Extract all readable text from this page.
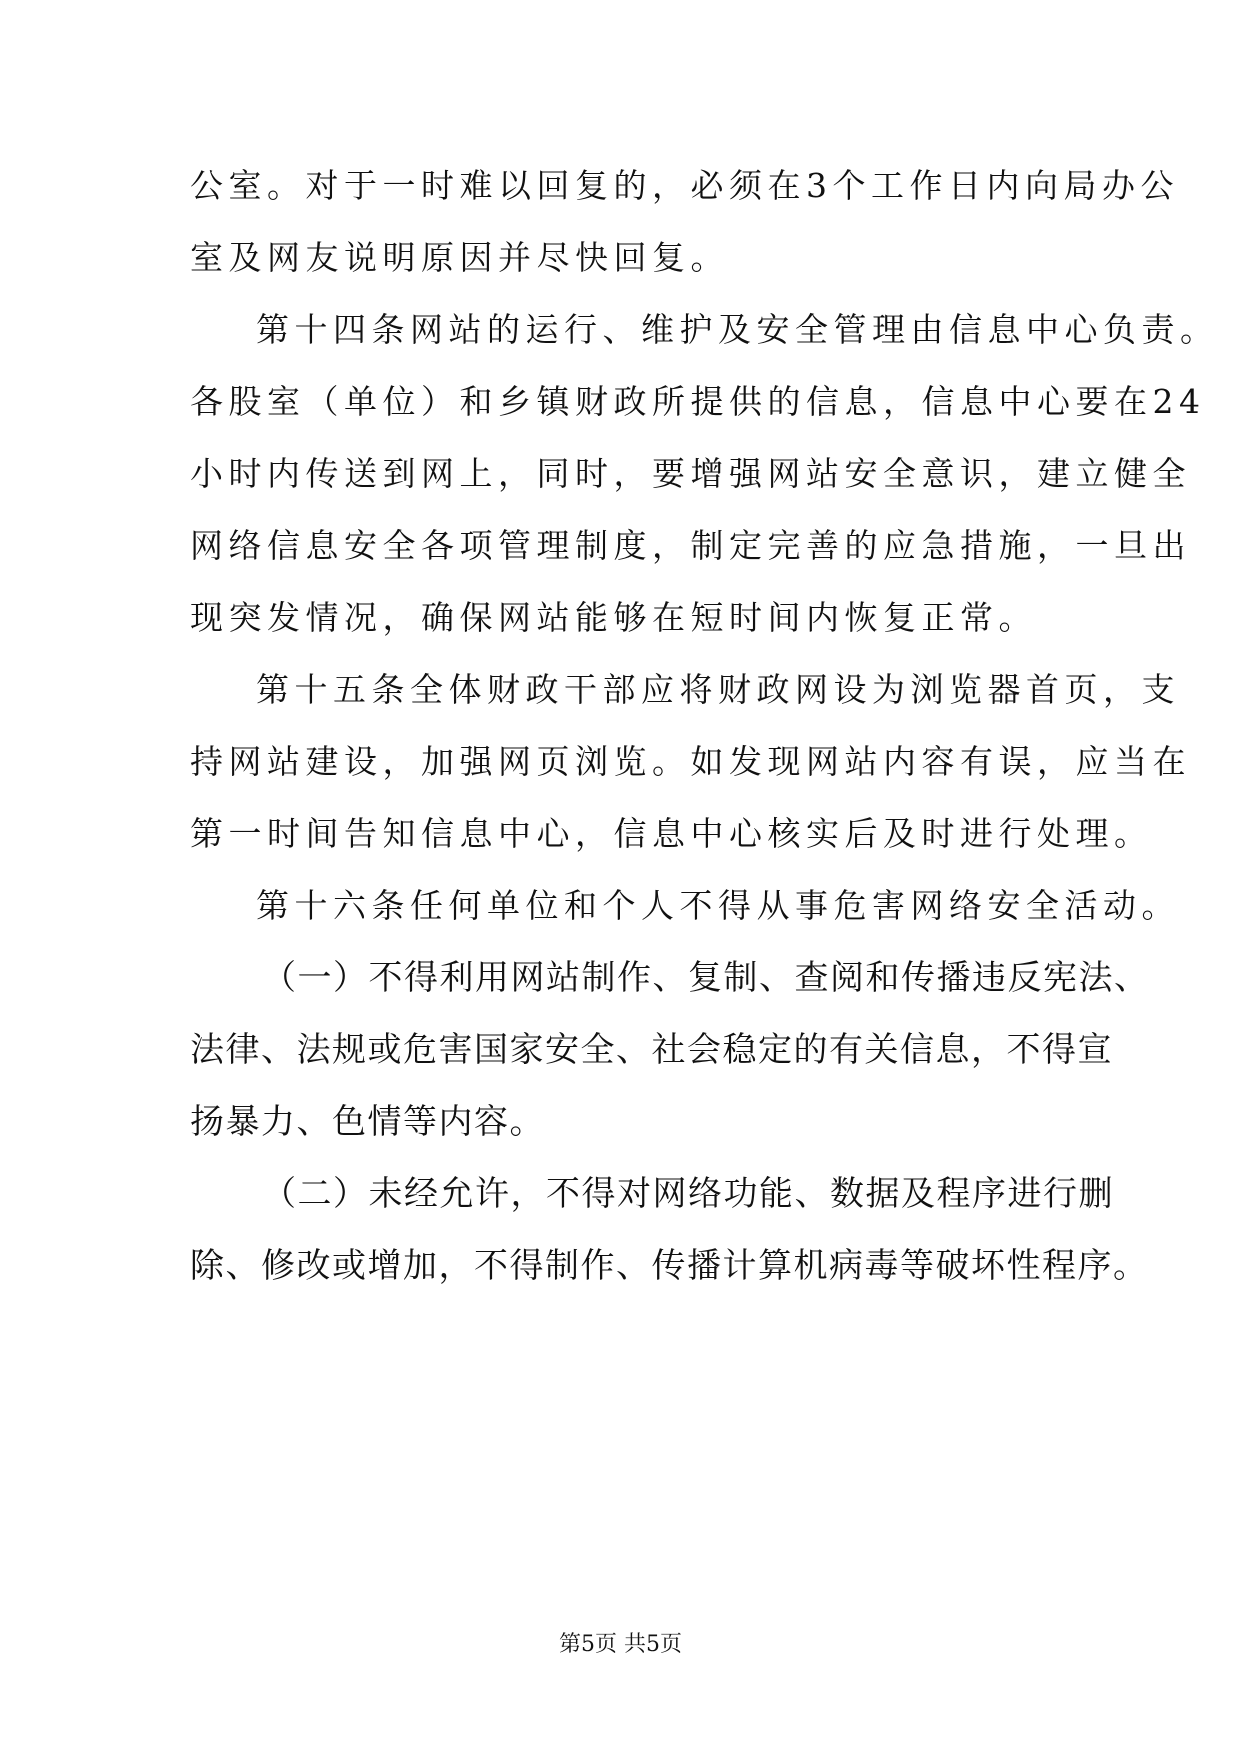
公室。对于一时难以回复的，必须在3个工作日内向局办公
室及网友说明原因并尽快回复。
第十四条网站的运行、维护及安全管理由信息中心负责。
各股室（单位）和乡镇财政所提供的信息，信息中心要在24
小时内传送到网上，同时，要增强网站安全意识，建立健全
网络信息安全各项管理制度，制定完善的应急措施，一旦出
现突发情况，确保网站能够在短时间内恢复正常。
第十五条全体财政干部应将财政网设为浏览器首页，支
持网站建设，加强网页浏览。如发现网站内容有误，应当在
第一时间告知信息中心，信息中心核实后及时进行处理。
第十六条任何单位和个人不得从事危害网络安全活动。
（一）不得利用网站制作、复制、查阅和传播违反宪法、
法律、法规或危害国家安全、社会稳定的有关信息，不得宣
扬暴力、色情等内容。
（二）未经允许，不得对网络功能、数据及程序进行删
除、修改或增加，不得制作、传播计算机病毒等破坏性程序。
第5页 共5页
